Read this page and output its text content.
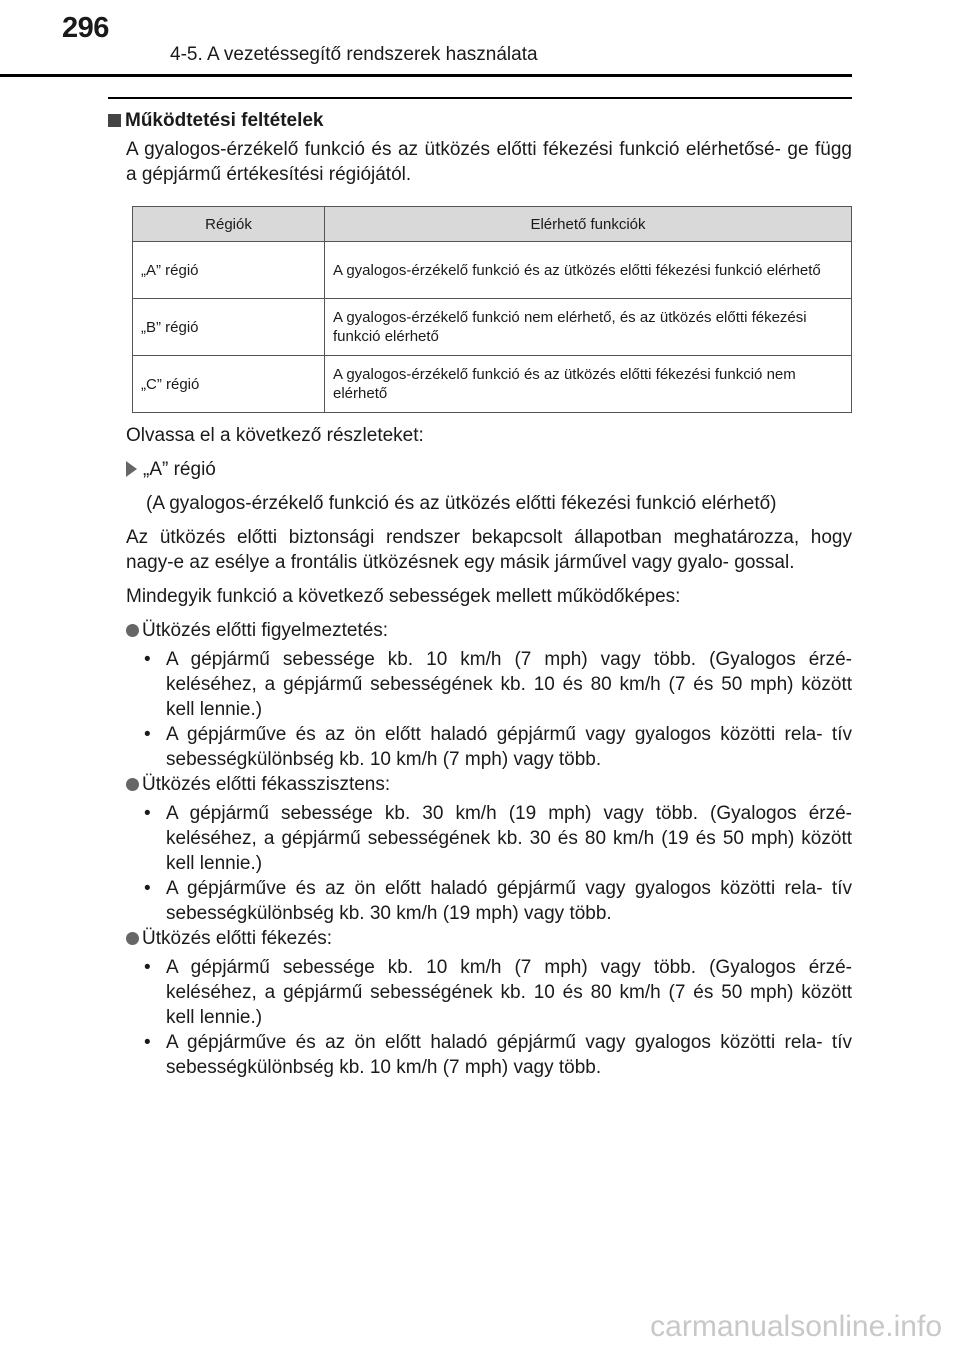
296
4-5. A vezetéssegítő rendszerek használata

Működtetési feltételek

A gyalogos-érzékelő funkció és az ütközés előtti fékezési funkció elérhetősé- ge függ a gépjármű értékesítési régiójától.

Régiók	Elérhető funkciók
„A” régió	A gyalogos-érzékelő funkció és az ütközés előtti fékezési funkció elérhető
„B” régió	A gyalogos-érzékelő funkció nem elérhető, és az ütközés előtti fékezési funkció elérhető
„C” régió	A gyalogos-érzékelő funkció és az ütközés előtti fékezési funkció nem elérhető

Olvassa el a következő részleteket:

„A” régió

(A gyalogos-érzékelő funkció és az ütközés előtti fékezési funkció elérhető)

Az ütközés előtti biztonsági rendszer bekapcsolt állapotban meghatározza, hogy nagy-e az esélye a frontális ütközésnek egy másik járművel vagy gyalo- gossal.

Mindegyik funkció a következő sebességek mellett működőképes:

Ütközés előtti figyelmeztetés:

• A gépjármű sebessége kb. 10 km/h (7 mph) vagy több. (Gyalogos érzé- keléséhez, a gépjármű sebességének kb. 10 és 80 km/h (7 és 50 mph) között kell lennie.)
• A gépjárműve és az ön előtt haladó gépjármű vagy gyalogos közötti rela- tív sebességkülönbség kb. 10 km/h (7 mph) vagy több.

Ütközés előtti fékasszisztens:

• A gépjármű sebessége kb. 30 km/h (19 mph) vagy több. (Gyalogos érzé- keléséhez, a gépjármű sebességének kb. 30 és 80 km/h (19 és 50 mph) között kell lennie.)
• A gépjárműve és az ön előtt haladó gépjármű vagy gyalogos közötti rela- tív sebességkülönbség kb. 30 km/h (19 mph) vagy több.

Ütközés előtti fékezés:

• A gépjármű sebessége kb. 10 km/h (7 mph) vagy több. (Gyalogos érzé- keléséhez, a gépjármű sebességének kb. 10 és 80 km/h (7 és 50 mph) között kell lennie.)
• A gépjárműve és az ön előtt haladó gépjármű vagy gyalogos közötti rela- tív sebességkülönbség kb. 10 km/h (7 mph) vagy több.
carmanualsonline.info
